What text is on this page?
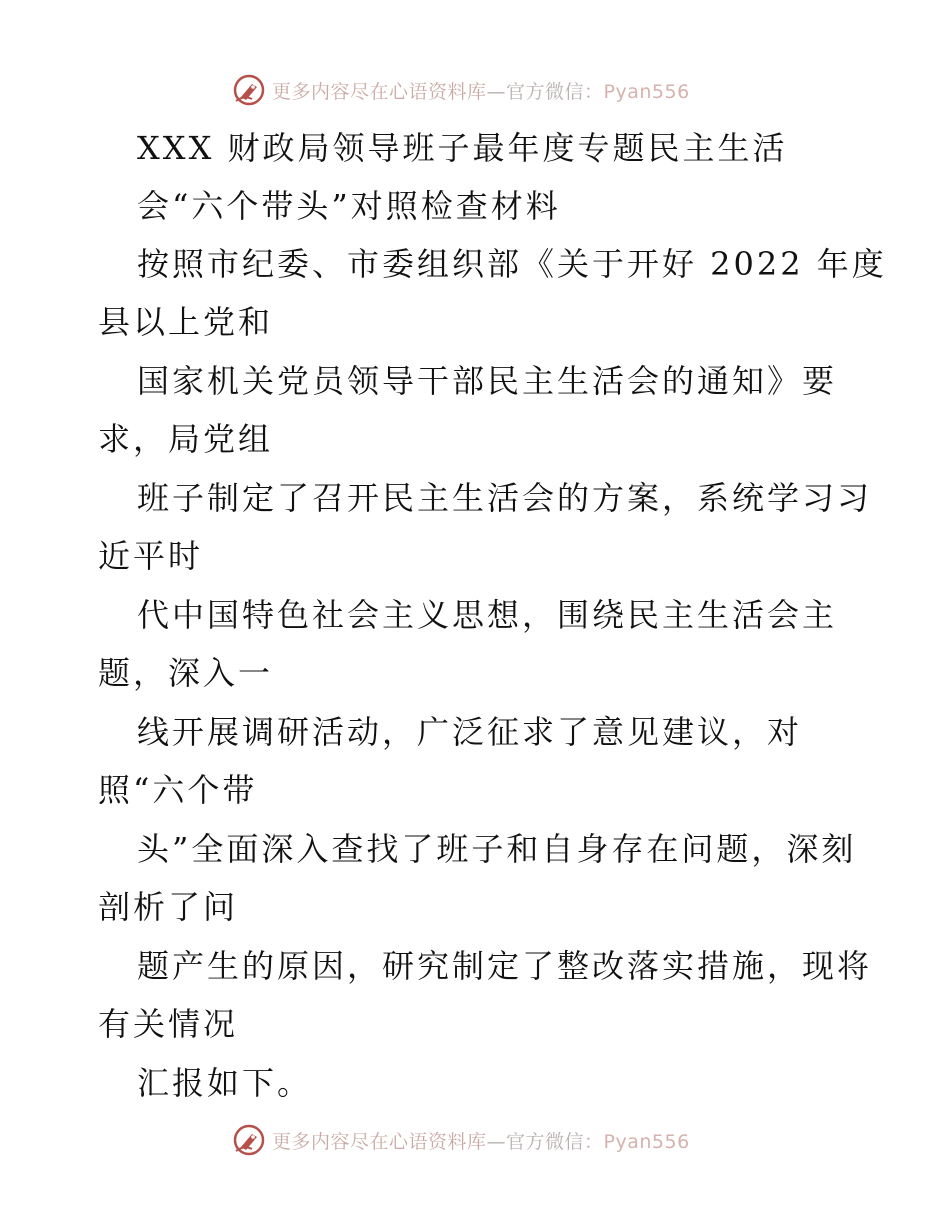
更多内容尽在心语资料库—官方微信：Pyan556
XXX 财政局领导班子最年度专题民主生活
会“六个带头”对照检查材料
按照市纪委、市委组织部《关于开好 2022 年度
县以上党和
国家机关党员领导干部民主生活会的通知》要
求，局党组
班子制定了召开民主生活会的方案，系统学习习
近平时
代中国特色社会主义思想，围绕民主生活会主
题，深入一
线开展调研活动，广泛征求了意见建议，对
照“六个带
头”全面深入查找了班子和自身存在问题，深刻
剖析了问
题产生的原因，研究制定了整改落实措施，现将
有关情况
汇报如下。
更多内容尽在心语资料库—官方微信：Pyan556
